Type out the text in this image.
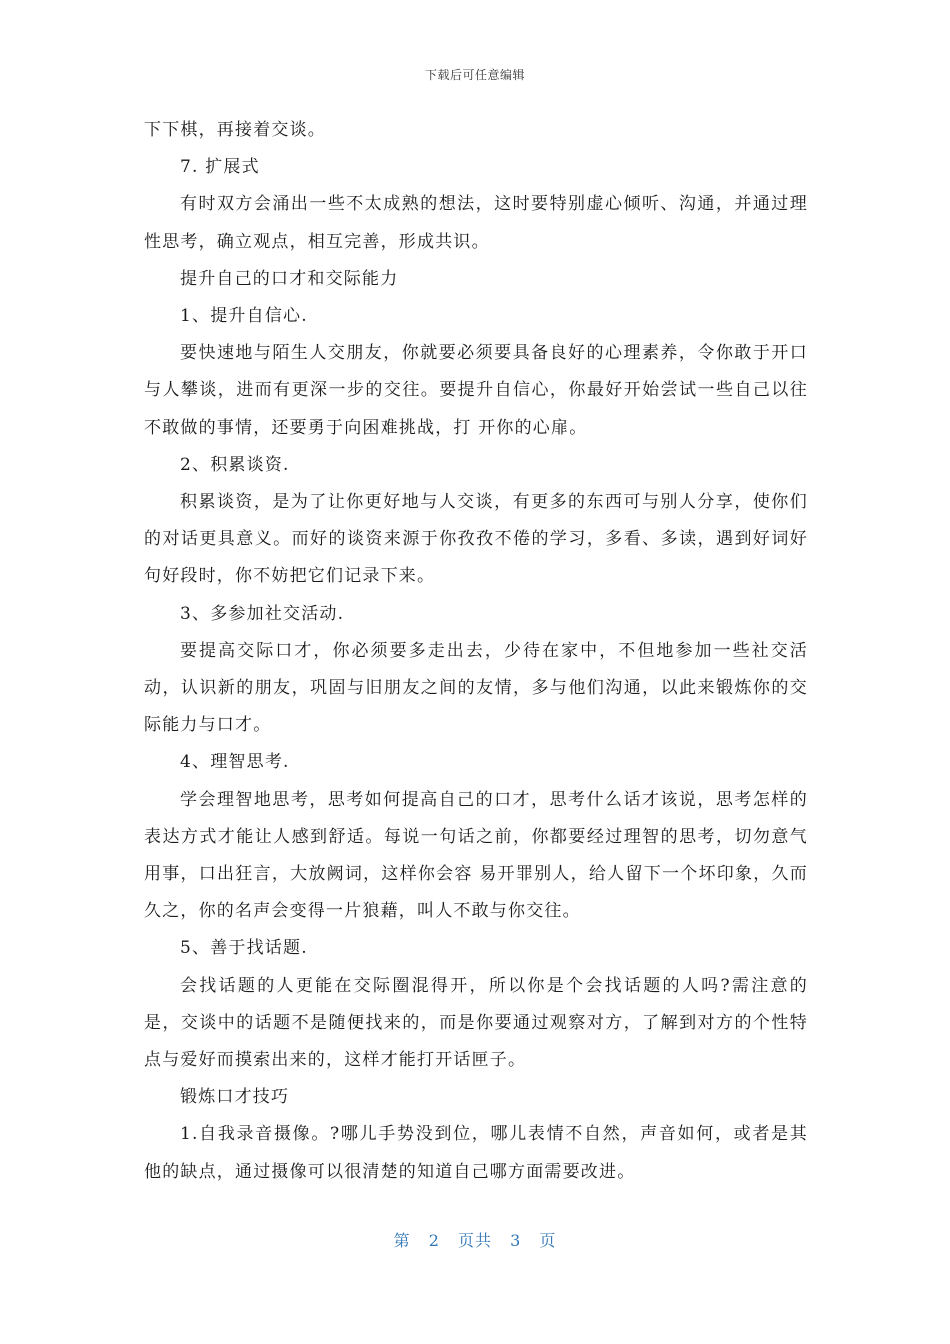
下载后可任意编辑

下下棋，再接着交谈。

7. 扩展式

有时双方会涌出一些不太成熟的想法，这时要特别虚心倾听、沟通，并通过理性思考，确立观点，相互完善，形成共识。

提升自己的口才和交际能力

1、提升自信心.

要快速地与陌生人交朋友，你就要必须要具备良好的心理素养，令你敢于开口与人攀谈，进而有更深一步的交往。要提升自信心，你最好开始尝试一些自己以往不敢做的事情，还要勇于向困难挑战，打 开你的心扉。

2、积累谈资.

积累谈资，是为了让你更好地与人交谈，有更多的东西可与别人分享，使你们的对话更具意义。而好的谈资来源于你孜孜不倦的学习，多看、多读，遇到好词好句好段时，你不妨把它们记录下来。

3、多参加社交活动.

要提高交际口才，你必须要多走出去，少待在家中，不但地参加一些社交活动，认识新的朋友，巩固与旧朋友之间的友情，多与他们沟通，以此来锻炼你的交际能力与口才。

4、理智思考.

学会理智地思考，思考如何提高自己的口才，思考什么话才该说，思考怎样的表达方式才能让人感到舒适。每说一句话之前，你都要经过理智的思考，切勿意气用事，口出狂言，大放阙词，这样你会容 易开罪别人，给人留下一个坏印象，久而久之，你的名声会变得一片狼藉，叫人不敢与你交往。

5、善于找话题.

会找话题的人更能在交际圈混得开，所以你是个会找话题的人吗?需注意的是，交谈中的话题不是随便找来的，而是你要通过观察对方，了解到对方的个性特点与爱好而摸索出来的，这样才能打开话匣子。

锻炼口才技巧

1.自我录音摄像。?哪儿手势没到位，哪儿表情不自然，声音如何，或者是其他的缺点，通过摄像可以很清楚的知道自己哪方面需要改进。

第 2 页共 3 页
